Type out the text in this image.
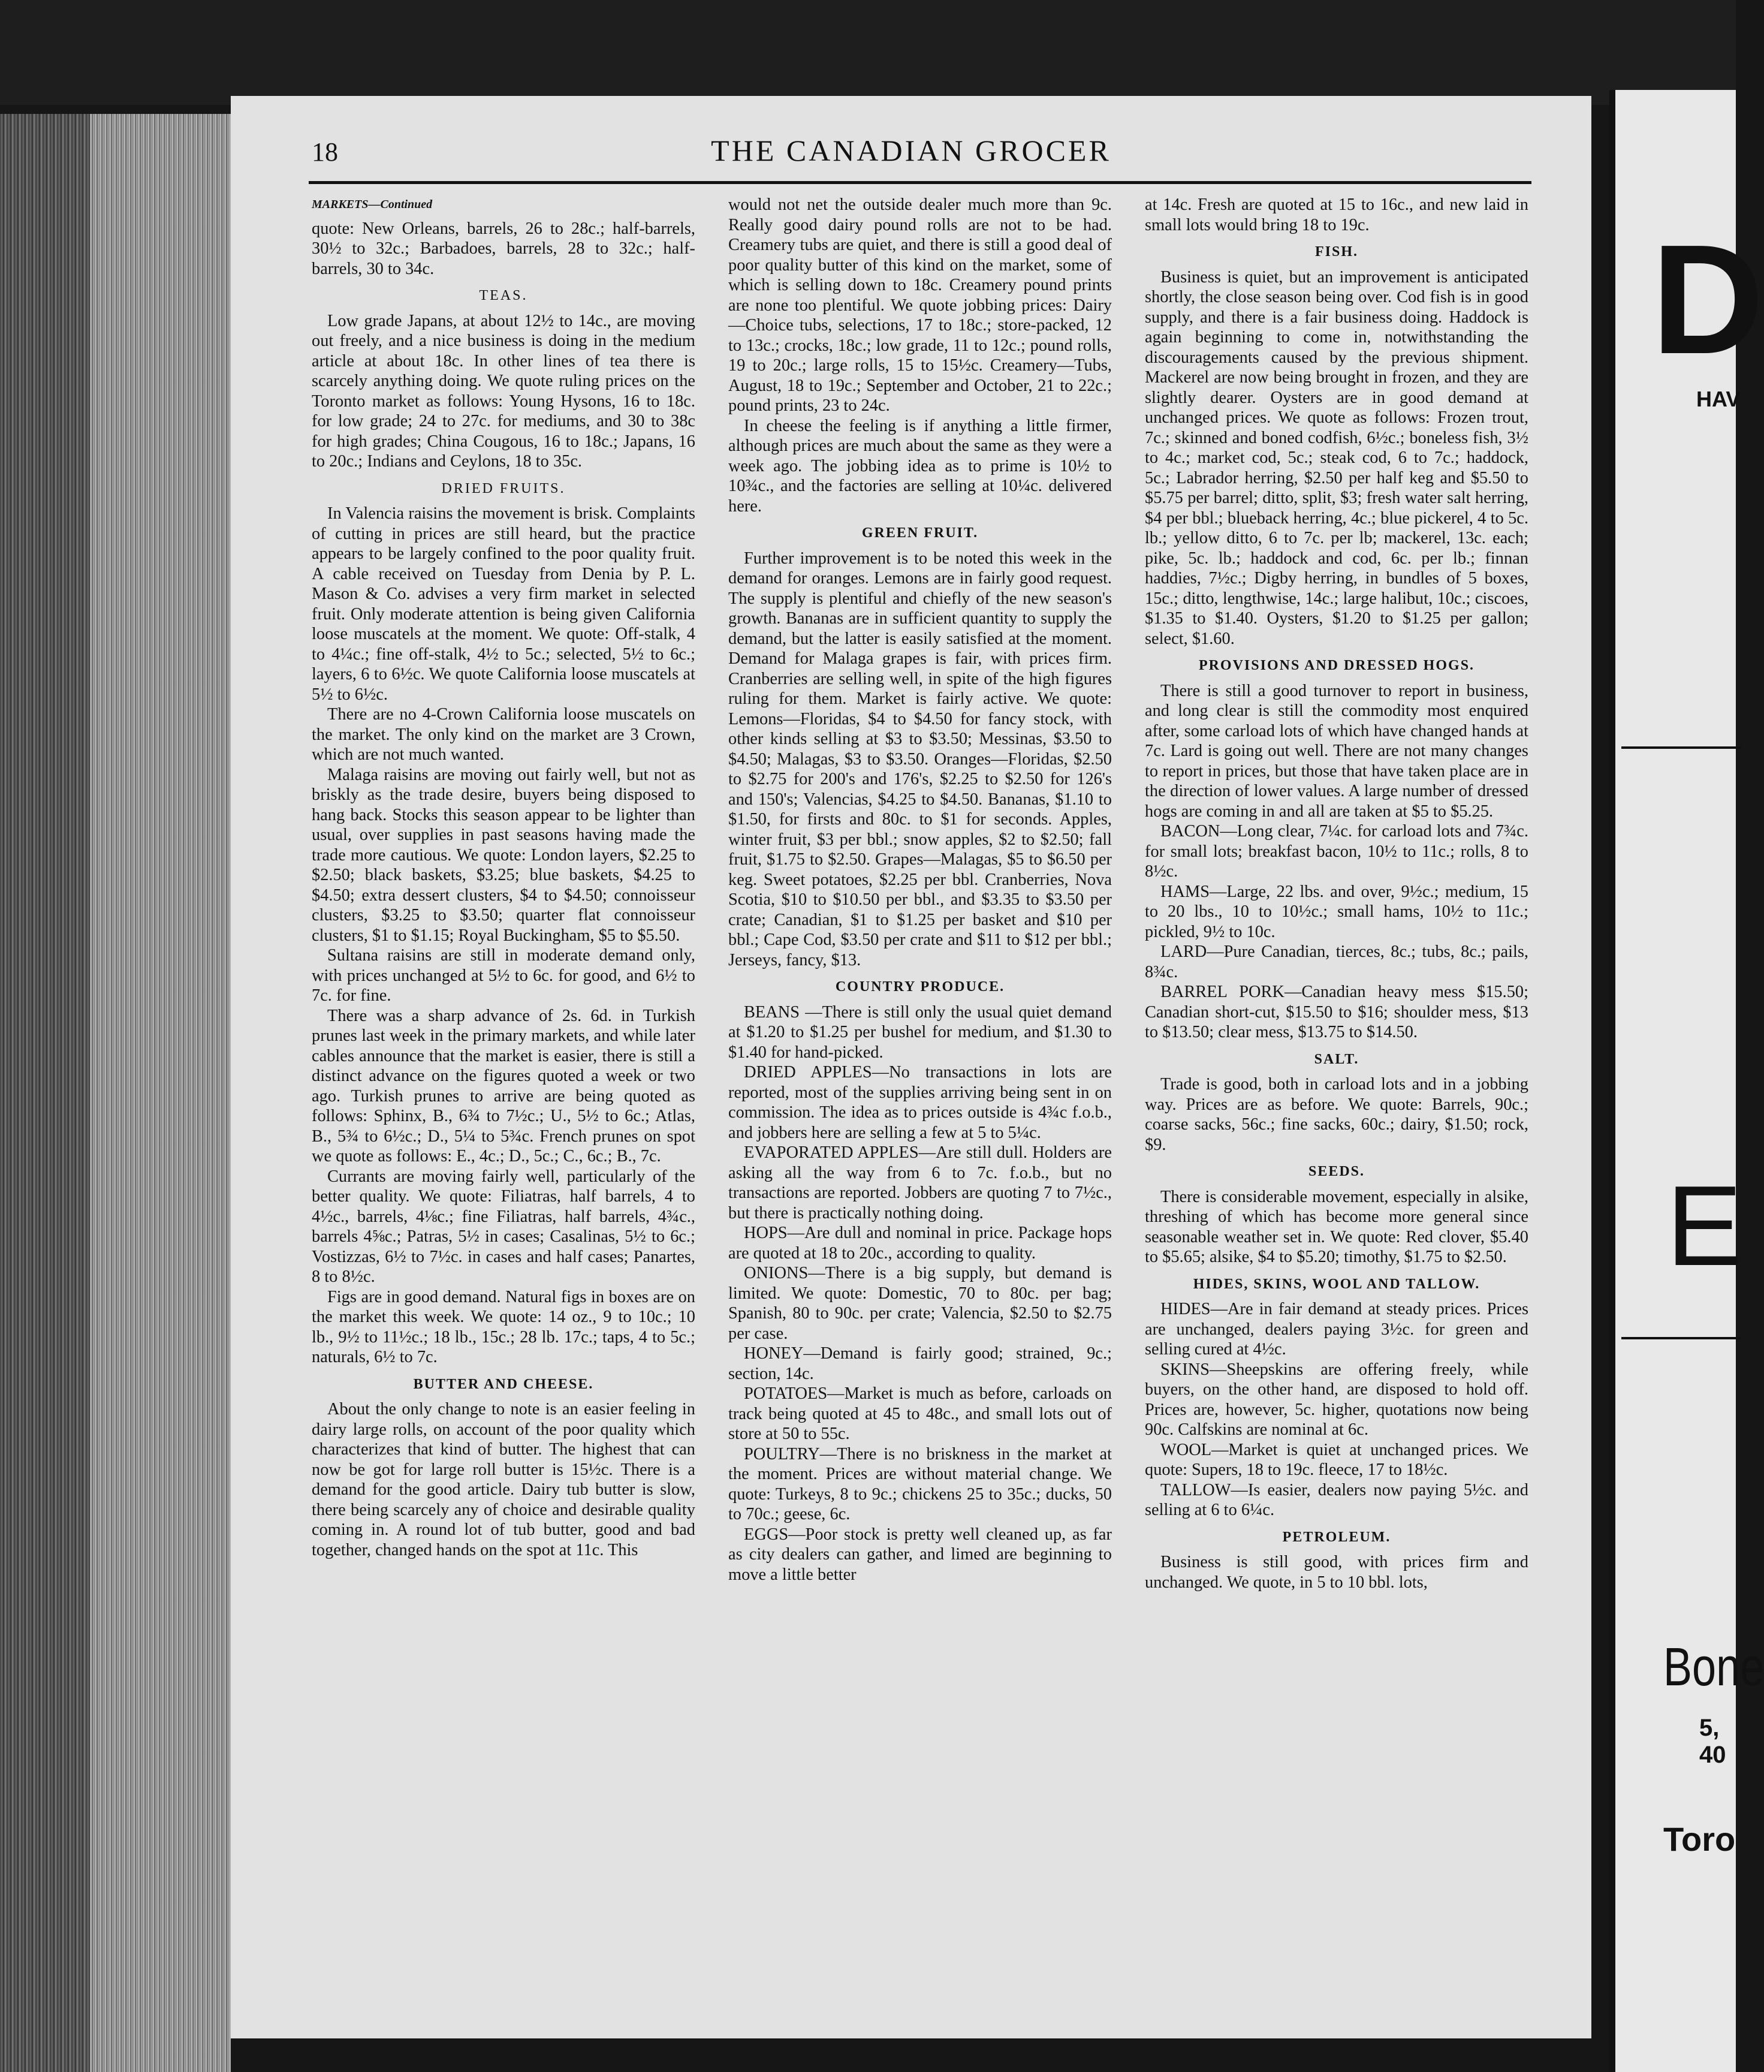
18	THE CANADIAN GROCER

MARKETS—Continued

quote: New Orleans, barrels, 26 to 28c.; half-barrels, 30½ to 32c.; Barbadoes, barrels, 28 to 32c.; half-barrels, 30 to 34c.

TEAS.

Low grade Japans, at about 12½ to 14c., are moving out freely, and a nice business is doing in the medium article at about 18c. In other lines of tea there is scarcely anything doing. We quote ruling prices on the Toronto market as follows: Young Hysons, 16 to 18c. for low grade; 24 to 27c. for mediums, and 30 to 38c for high grades; China Cougous, 16 to 18c.; Japans, 16 to 20c.; Indians and Ceylons, 18 to 35c.

DRIED FRUITS.

In Valencia raisins the movement is brisk. Complaints of cutting in prices are still heard, but the practice appears to be largely confined to the poor quality fruit. A cable received on Tuesday from Denia by P. L. Mason & Co. advises a very firm market in selected fruit. Only moderate attention is being given California loose muscatels at the moment. We quote: Off-stalk, 4 to 4¼c.; fine off-stalk, 4½ to 5c.; selected, 5½ to 6c.; layers, 6 to 6½c. We quote California loose muscatels at 5½ to 6½c.

There are no 4-Crown California loose muscatels on the market. The only kind on the market are 3 Crown, which are not much wanted.

Malaga raisins are moving out fairly well, but not as briskly as the trade desire, buyers being disposed to hang back. Stocks this season appear to be lighter than usual, over supplies in past seasons having made the trade more cautious. We quote: London layers, $2.25 to $2.50; black baskets, $3.25; blue baskets, $4.25 to $4.50; extra dessert clusters, $4 to $4.50; connoisseur clusters, $3.25 to $3.50; quarter flat connoisseur clusters, $1 to $1.15; Royal Buckingham, $5 to $5.50.

Sultana raisins are still in moderate demand only, with prices unchanged at 5½ to 6c. for good, and 6½ to 7c. for fine.

There was a sharp advance of 2s. 6d. in Turkish prunes last week in the primary markets, and while later cables announce that the market is easier, there is still a distinct advance on the figures quoted a week or two ago. Turkish prunes to arrive are being quoted as follows: Sphinx, B., 6¾ to 7½c.; U., 5½ to 6c.; Atlas, B., 5¾ to 6½c.; D., 5¼ to 5¾c. French prunes on spot we quote as follows: E., 4c.; D., 5c.; C., 6c.; B., 7c.

Currants are moving fairly well, particularly of the better quality. We quote: Filiatras, half barrels, 4 to 4½c., barrels, 4⅛c.; fine Filiatras, half barrels, 4¾c., barrels 4⅝c.; Patras, 5½ in cases; Casalinas, 5½ to 6c.; Vostizzas, 6½ to 7½c. in cases and half cases; Panartes, 8 to 8½c.

Figs are in good demand. Natural figs in boxes are on the market this week. We quote: 14 oz., 9 to 10c.; 10 lb., 9½ to 11½c.; 18 lb., 15c.; 28 lb. 17c.; taps, 4 to 5c.; naturals, 6½ to 7c.

BUTTER AND CHEESE.

About the only change to note is an easier feeling in dairy large rolls, on account of the poor quality which characterizes that kind of butter. The highest that can now be got for large roll butter is 15½c. There is a demand for the good article. Dairy tub butter is slow, there being scarcely any of choice and desirable quality coming in. A round lot of tub butter, good and bad together, changed hands on the spot at 11c. This

would not net the outside dealer much more than 9c. Really good dairy pound rolls are not to be had. Creamery tubs are quiet, and there is still a good deal of poor quality butter of this kind on the market, some of which is selling down to 18c. Creamery pound prints are none too plentiful. We quote jobbing prices: Dairy—Choice tubs, selections, 17 to 18c.; store-packed, 12 to 13c.; crocks, 18c.; low grade, 11 to 12c.; pound rolls, 19 to 20c.; large rolls, 15 to 15½c. Creamery—Tubs, August, 18 to 19c.; September and October, 21 to 22c.; pound prints, 23 to 24c.

In cheese the feeling is if anything a little firmer, although prices are much about the same as they were a week ago. The jobbing idea as to prime is 10½ to 10¾c., and the factories are selling at 10¼c. delivered here.

GREEN FRUIT.

Further improvement is to be noted this week in the demand for oranges. Lemons are in fairly good request. The supply is plentiful and chiefly of the new season's growth. Bananas are in sufficient quantity to supply the demand, but the latter is easily satisfied at the moment. Demand for Malaga grapes is fair, with prices firm. Cranberries are selling well, in spite of the high figures ruling for them. Market is fairly active. We quote: Lemons—Floridas, $4 to $4.50 for fancy stock, with other kinds selling at $3 to $3.50; Messinas, $3.50 to $4.50; Malagas, $3 to $3.50. Oranges—Floridas, $2.50 to $2.75 for 200's and 176's, $2.25 to $2.50 for 126's and 150's; Valencias, $4.25 to $4.50. Bananas, $1.10 to $1.50, for firsts and 80c. to $1 for seconds. Apples, winter fruit, $3 per bbl.; snow apples, $2 to $2.50; fall fruit, $1.75 to $2.50. Grapes—Malagas, $5 to $6.50 per keg. Sweet potatoes, $2.25 per bbl. Cranberries, Nova Scotia, $10 to $10.50 per bbl., and $3.35 to $3.50 per crate; Canadian, $1 to $1.25 per basket and $10 per bbl.; Cape Cod, $3.50 per crate and $11 to $12 per bbl.; Jerseys, fancy, $13.

COUNTRY PRODUCE.

BEANS —There is still only the usual quiet demand at $1.20 to $1.25 per bushel for medium, and $1.30 to $1.40 for hand-picked.

DRIED APPLES—No transactions in lots are reported, most of the supplies arriving being sent in on commission. The idea as to prices outside is 4¾c f.o.b., and jobbers here are selling a few at 5 to 5¼c.

EVAPORATED APPLES—Are still dull. Holders are asking all the way from 6 to 7c. f.o.b., but no transactions are reported. Jobbers are quoting 7 to 7½c., but there is practically nothing doing.

HOPS—Are dull and nominal in price. Package hops are quoted at 18 to 20c., according to quality.

ONIONS—There is a big supply, but demand is limited. We quote: Domestic, 70 to 80c. per bag; Spanish, 80 to 90c. per crate; Valencia, $2.50 to $2.75 per case.

HONEY—Demand is fairly good; strained, 9c.; section, 14c.

POTATOES—Market is much as before, carloads on track being quoted at 45 to 48c., and small lots out of store at 50 to 55c.

POULTRY—There is no briskness in the market at the moment. Prices are without material change. We quote: Turkeys, 8 to 9c.; chickens 25 to 35c.; ducks, 50 to 70c.; geese, 6c.

EGGS—Poor stock is pretty well cleaned up, as far as city dealers can gather, and limed are beginning to move a little better

at 14c. Fresh are quoted at 15 to 16c., and new laid in small lots would bring 18 to 19c.

FISH.

Business is quiet, but an improvement is anticipated shortly, the close season being over. Cod fish is in good supply, and there is a fair business doing. Haddock is again beginning to come in, notwithstanding the discouragements caused by the previous shipment. Mackerel are now being brought in frozen, and they are slightly dearer. Oysters are in good demand at unchanged prices. We quote as follows: Frozen trout, 7c.; skinned and boned codfish, 6½c.; boneless fish, 3½ to 4c.; market cod, 5c.; steak cod, 6 to 7c.; haddock, 5c.; Labrador herring, $2.50 per half keg and $5.50 to $5.75 per barrel; ditto, split, $3; fresh water salt herring, $4 per bbl.; blueback herring, 4c.; blue pickerel, 4 to 5c. lb.; yellow ditto, 6 to 7c. per lb; mackerel, 13c. each; pike, 5c. lb.; haddock and cod, 6c. per lb.; finnan haddies, 7½c.; Digby herring, in bundles of 5 boxes, 15c.; ditto, lengthwise, 14c.; large halibut, 10c.; ciscoes, $1.35 to $1.40. Oysters, $1.20 to $1.25 per gallon; select, $1.60.

PROVISIONS AND DRESSED HOGS.

There is still a good turnover to report in business, and long clear is still the commodity most enquired after, some carload lots of which have changed hands at 7c. Lard is going out well. There are not many changes to report in prices, but those that have taken place are in the direction of lower values. A large number of dressed hogs are coming in and all are taken at $5 to $5.25.

BACON—Long clear, 7¼c. for carload lots and 7¾c. for small lots; breakfast bacon, 10½ to 11c.; rolls, 8 to 8½c.

HAMS—Large, 22 lbs. and over, 9½c.; medium, 15 to 20 lbs., 10 to 10½c.; small hams, 10½ to 11c.; pickled, 9½ to 10c.

LARD—Pure Canadian, tierces, 8c.; tubs, 8c.; pails, 8¾c.

BARREL PORK—Canadian heavy mess $15.50; Canadian short-cut, $15.50 to $16; shoulder mess, $13 to $13.50; clear mess, $13.75 to $14.50.

SALT.

Trade is good, both in carload lots and in a jobbing way. Prices are as before. We quote: Barrels, 90c.; coarse sacks, 56c.; fine sacks, 60c.; dairy, $1.50; rock, $9.

SEEDS.

There is considerable movement, especially in alsike, threshing of which has become more general since seasonable weather set in. We quote: Red clover, $5.40 to $5.65; alsike, $4 to $5.20; timothy, $1.75 to $2.50.

HIDES, SKINS, WOOL AND TALLOW.

HIDES—Are in fair demand at steady prices. Prices are unchanged, dealers paying 3½c. for green and selling cured at 4½c.

SKINS—Sheepskins are offering freely, while buyers, on the other hand, are disposed to hold off. Prices are, however, 5c. higher, quotations now being 90c. Calfskins are nominal at 6c.

WOOL—Market is quiet at unchanged prices. We quote: Supers, 18 to 19c. fleece, 17 to 18½c.

TALLOW—Is easier, dealers now paying 5½c. and selling at 6 to 6¼c.

PETROLEUM.

Business is still good, with prices firm and unchanged. We quote, in 5 to 10 bbl. lots,

D
HAV
E
Bone
5,
40
Toro
